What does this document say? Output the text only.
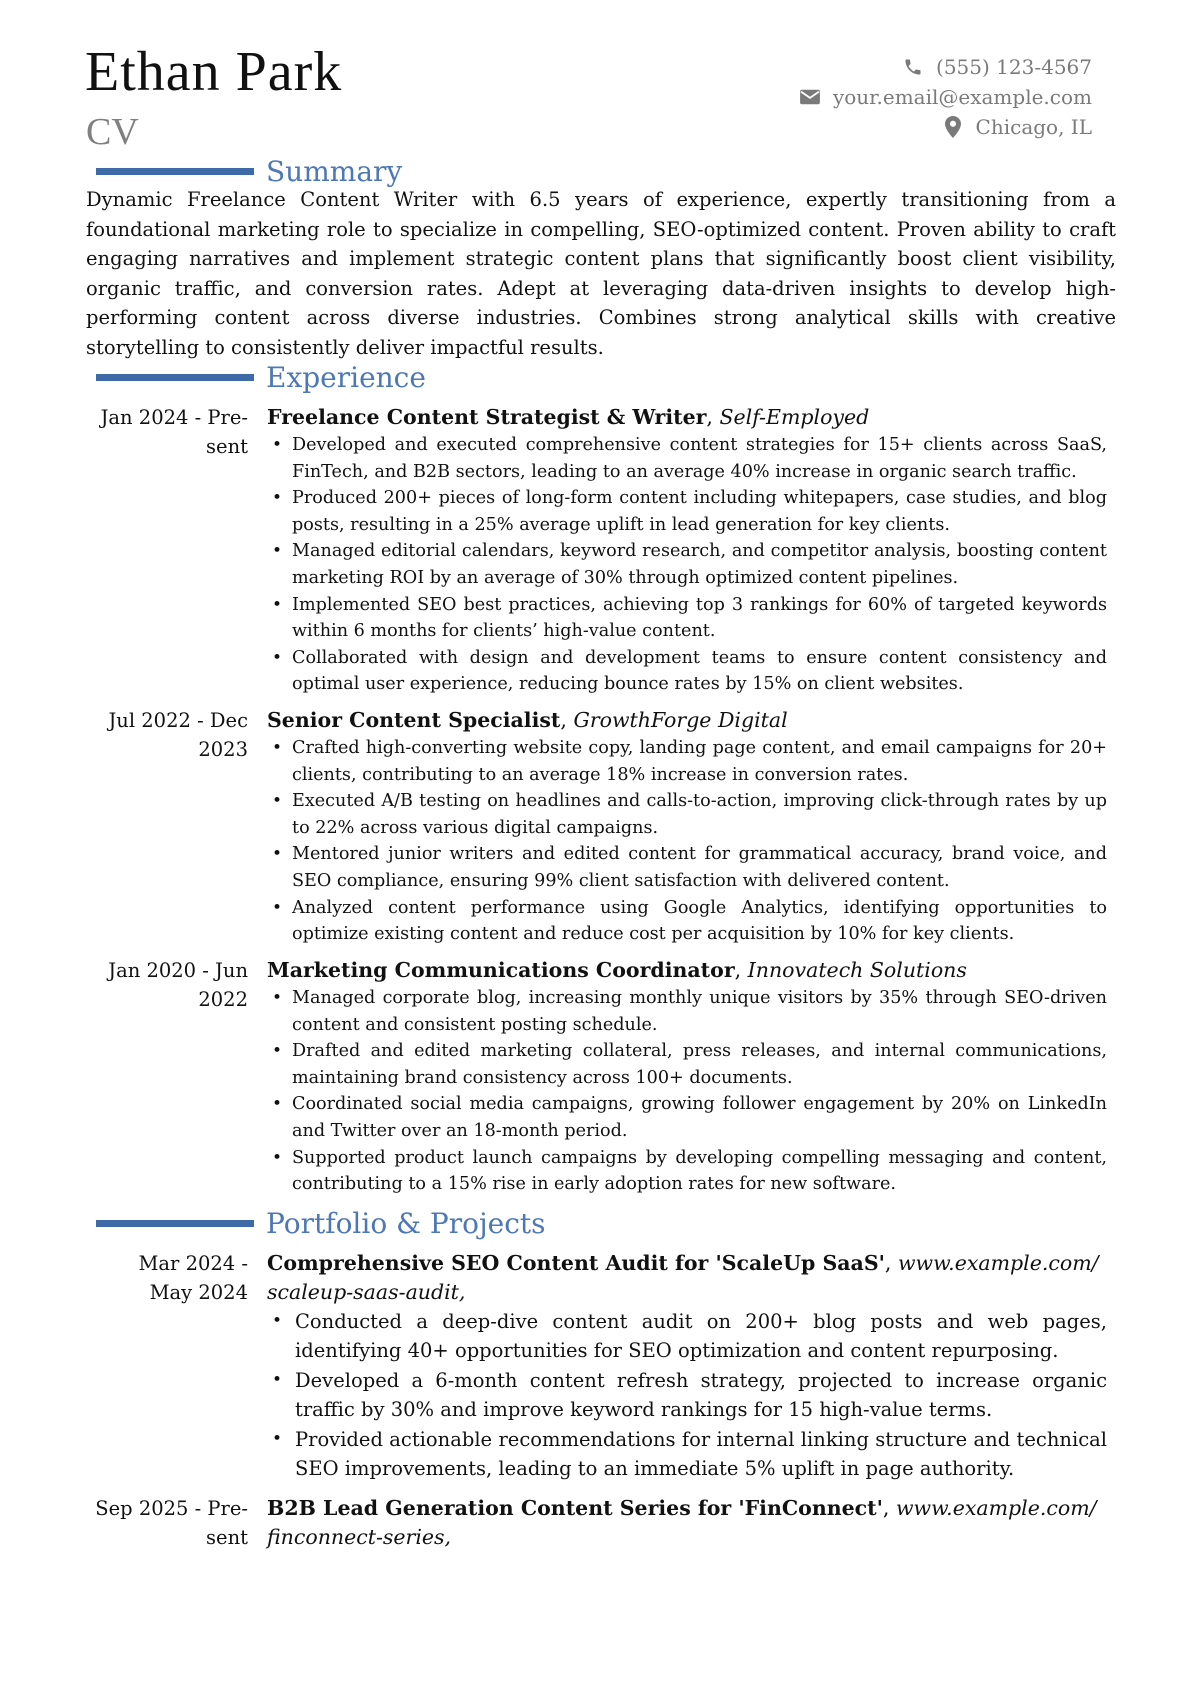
Ethan Park
CV
(555) 123-4567
your.email@example.com
Chicago, IL
Summary
Dynamic Freelance Content Writer with 6.5 years of experience, expertly transitioning from a foundational marketing role to specialize in compelling, SEO-optimized content. Proven ability to craft engaging narratives and implement strategic content plans that significantly boost client visibility, organic traffic, and conversion rates. Adept at leveraging data-driven insights to develop high-performing content across diverse industries. Combines strong analytical skills with creative storytelling to consistently deliver impactful results.
Experience
Jan 2024 - Pre-
sent
Freelance Content Strategist & Writer, Self-Employed
• Developed and executed comprehensive content strategies for 15+ clients across SaaS, FinTech, and B2B sectors, leading to an average 40% increase in organic search traffic.
• Produced 200+ pieces of long-form content including whitepapers, case studies, and blog posts, resulting in a 25% average uplift in lead generation for key clients.
• Managed editorial calendars, keyword research, and competitor analysis, boosting content marketing ROI by an average of 30% through optimized content pipelines.
• Implemented SEO best practices, achieving top 3 rankings for 60% of targeted keywords within 6 months for clients’ high-value content.
• Collaborated with design and development teams to ensure content consistency and optimal user experience, reducing bounce rates by 15% on client websites.
Jul 2022 - Dec
2023
Senior Content Specialist, GrowthForge Digital
• Crafted high-converting website copy, landing page content, and email campaigns for 20+ clients, contributing to an average 18% increase in conversion rates.
• Executed A/B testing on headlines and calls-to-action, improving click-through rates by up to 22% across various digital campaigns.
• Mentored junior writers and edited content for grammatical accuracy, brand voice, and SEO compliance, ensuring 99% client satisfaction with delivered content.
• Analyzed content performance using Google Analytics, identifying opportunities to optimize existing content and reduce cost per acquisition by 10% for key clients.
Jan 2020 - Jun
2022
Marketing Communications Coordinator, Innovatech Solutions
• Managed corporate blog, increasing monthly unique visitors by 35% through SEO-driven content and consistent posting schedule.
• Drafted and edited marketing collateral, press releases, and internal communications, maintaining brand consistency across 100+ documents.
• Coordinated social media campaigns, growing follower engagement by 20% on LinkedIn and Twitter over an 18-month period.
• Supported product launch campaigns by developing compelling messaging and content, contributing to a 15% rise in early adoption rates for new software.
Portfolio & Projects
Mar 2024 -
May 2024
Comprehensive SEO Content Audit for 'ScaleUp SaaS', www.example.com/
scaleup-saas-audit,
• Conducted a deep-dive content audit on 200+ blog posts and web pages, identifying 40+ opportunities for SEO optimization and content repurposing.
• Developed a 6-month content refresh strategy, projected to increase organic traffic by 30% and improve keyword rankings for 15 high-value terms.
• Provided actionable recommendations for internal linking structure and technical SEO improvements, leading to an immediate 5% uplift in page authority.
Sep 2025 - Pre-
sent
B2B Lead Generation Content Series for 'FinConnect', www.example.com/
finconnect-series,
